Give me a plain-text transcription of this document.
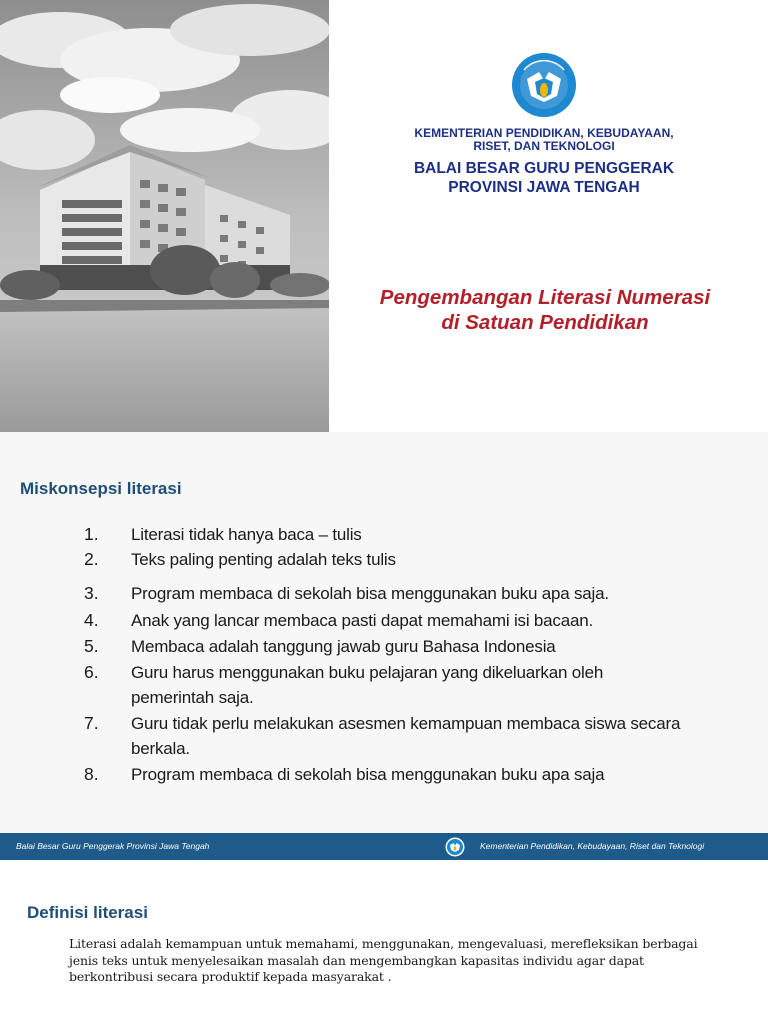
KEMENTERIAN PENDIDIKAN, KEBUDAYAAN,
RISET, DAN TEKNOLOGI
BALAI BESAR GURU PENGGERAK
PROVINSI JAWA TENGAH
Pengembangan Literasi Numerasi
di Satuan Pendidikan
Miskonsepsi literasi
1.	Literasi tidak hanya baca – tulis
2.	Teks paling penting adalah teks tulis
3.	Program membaca di sekolah bisa menggunakan buku apa saja.
4.	Anak yang lancar membaca pasti dapat memahami isi bacaan.
5.	Membaca adalah tanggung jawab guru Bahasa Indonesia
6.	Guru harus menggunakan buku pelajaran yang dikeluarkan oleh pemerintah saja.
7.	Guru tidak perlu melakukan asesmen kemampuan membaca siswa secara berkala.
8.	Program membaca di sekolah bisa menggunakan buku apa saja
Balai Besar Guru Penggerak Provinsi Jawa Tengah	Kementerian Pendidikan, Kebudayaan, Riset dan Teknologi
Definisi literasi

Literasi adalah kemampuan untuk memahami, menggunakan, mengevaluasi, merefleksikan berbagai jenis teks untuk menyelesaikan masalah dan mengembangkan kapasitas individu agar dapat berkontribusi secara produktif kepada masyarakat .
